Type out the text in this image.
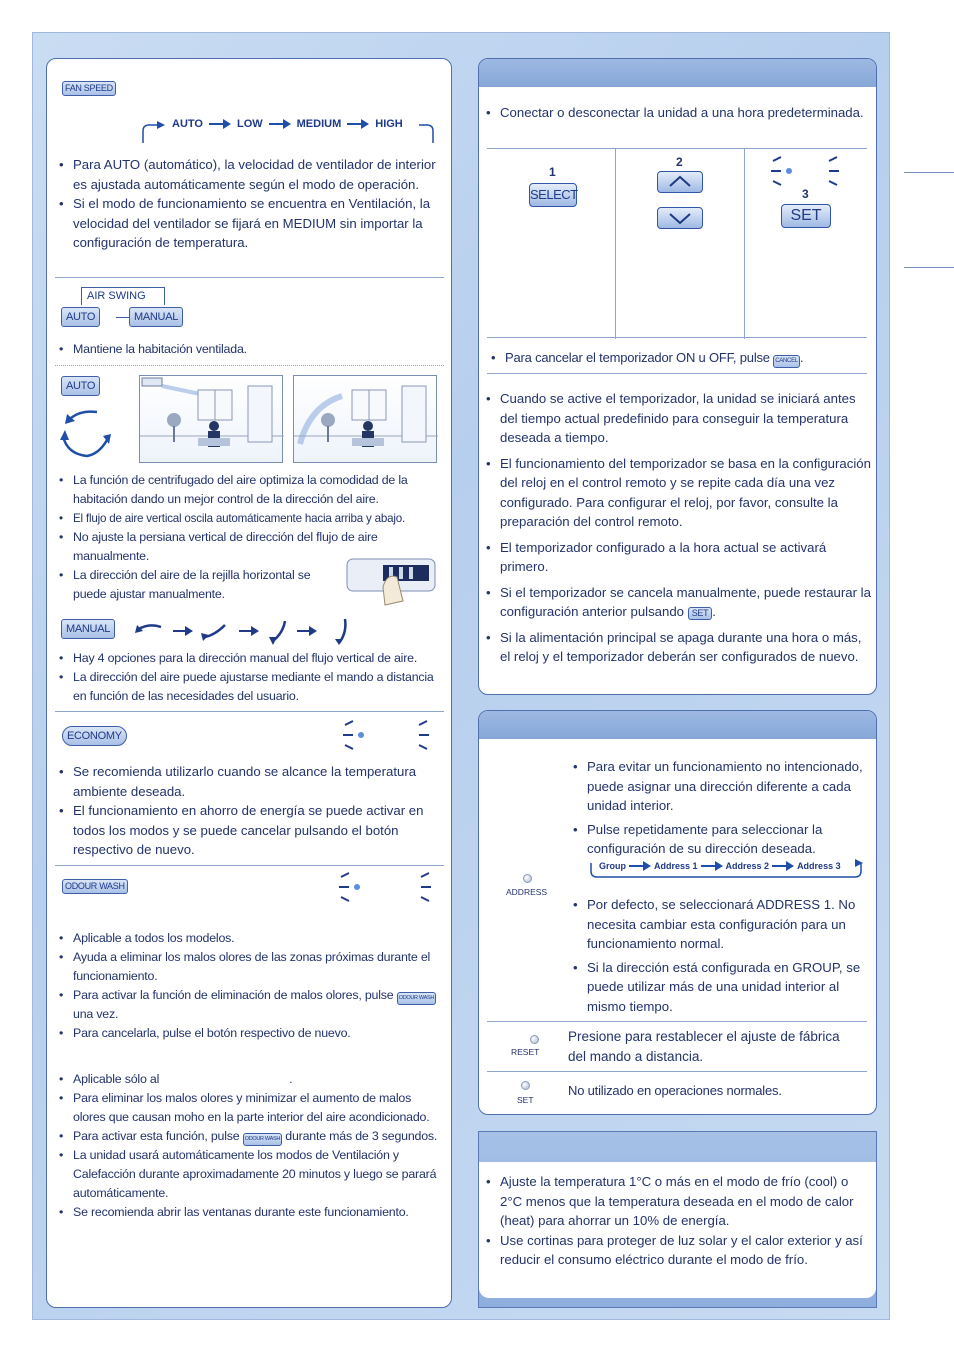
FAN SPEED
AUTO	LOW	MEDIUM	HIGH
• Para AUTO (automático), la velocidad de ventilador de interior es ajustada automáticamente según el modo de operación.
• Si el modo de funcionamiento se encuentra en Ventilación, la velocidad del ventilador se fijará en MEDIUM sin importar la configuración de temperatura.
AIR SWING
AUTO	MANUAL
• Mantiene la habitación ventilada.
AUTO
• La función de centrifugado del aire optimiza la comodidad de la habitación dando un mejor control de la dirección del aire.
• El flujo de aire vertical oscila automáticamente hacia arriba y abajo.
• No ajuste la persiana vertical de dirección del flujo de aire manualmente.
• La dirección del aire de la rejilla horizontal se puede ajustar manualmente.
MANUAL
• Hay 4 opciones para la dirección manual del flujo vertical de aire.
• La dirección del aire puede ajustarse mediante el mando a distancia en función de las necesidades del usuario.
ECONOMY
• Se recomienda utilizarlo cuando se alcance la temperatura ambiente deseada.
• El funcionamiento en ahorro de energía se puede activar en todos los modos y se puede cancelar pulsando el botón respectivo de nuevo.
ODOUR WASH
• Aplicable a todos los modelos.
• Ayuda a eliminar los malos olores de las zonas próximas durante el funcionamiento.
• Para activar la función de eliminación de malos olores, pulse ODOUR WASH una vez.
• Para cancelarla, pulse el botón respectivo de nuevo.
• Aplicable sólo al	.
• Para eliminar los malos olores y minimizar el aumento de malos olores que causan moho en la parte interior del aire acondicionado.
• Para activar esta función, pulse ODOUR WASH durante más de 3 segundos.
• La unidad usará automáticamente los modos de Ventilación y Calefacción durante aproximadamente 20 minutos y luego se parará automáticamente.
• Se recomienda abrir las ventanas durante este funcionamiento.
• Conectar o desconectar la unidad a una hora predeterminada.
1
SELECT
2
3
SET
• Para cancelar el temporizador ON u OFF, pulse CANCEL .
• Cuando se active el temporizador, la unidad se iniciará antes del tiempo actual predefinido para conseguir la temperatura deseada a tiempo.
• El funcionamiento del temporizador se basa en la configuración del reloj en el control remoto y se repite cada día una vez configurado. Para configurar el reloj, por favor, consulte la preparación del control remoto.
• El temporizador configurado a la hora actual se activará primero.
• Si el temporizador se cancela manualmente, puede restaurar la configuración anterior pulsando SET .
• Si la alimentación principal se apaga durante una hora o más, el reloj y el temporizador deberán ser configurados de nuevo.
ADDRESS
• Para evitar un funcionamiento no intencionado, puede asignar una dirección diferente a cada unidad interior.
• Pulse repetidamente para seleccionar la configuración de su dirección deseada.
Group	Address 1	Address 2	Address 3
• Por defecto, se seleccionará ADDRESS 1. No necesita cambiar esta configuración para un funcionamiento normal.
• Si la dirección está configurada en GROUP, se puede utilizar más de una unidad interior al mismo tiempo.
RESET
Presione para restablecer el ajuste de fábrica del mando a distancia.
SET
No utilizado en operaciones normales.
• Ajuste la temperatura 1°C o más en el modo de frío (cool) o 2°C menos que la temperatura deseada en el modo de calor (heat) para ahorrar un 10% de energía.
• Use cortinas para proteger de luz solar y el calor exterior y así reducir el consumo eléctrico durante el modo de frío.
